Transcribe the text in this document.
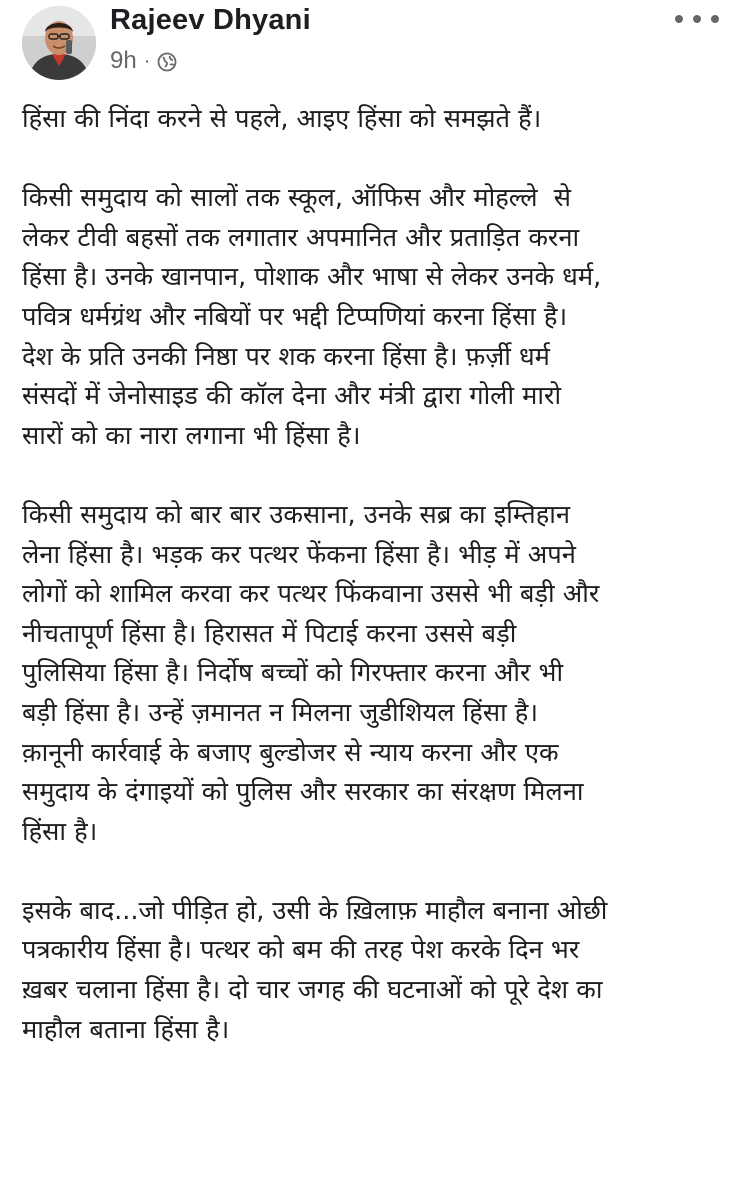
Rajeev Dhyani
9h ·

हिंसा की निंदा करने से पहले, आइए हिंसा को समझते हैं।

किसी समुदाय को सालों तक स्कूल, ऑफिस और मोहल्ले  से
लेकर टीवी बहसों तक लगातार अपमानित और प्रताड़ित करना
हिंसा है। उनके खानपान, पोशाक और भाषा से लेकर उनके धर्म,
पवित्र धर्मग्रंथ और नबियों पर भद्दी टिप्पणियां करना हिंसा है।
देश के प्रति उनकी निष्ठा पर शक करना हिंसा है। फ़र्ज़ी धर्म
संसदों में जेनोसाइड की कॉल देना और मंत्री द्वारा गोली मारो
सारों को का नारा लगाना भी हिंसा है।

किसी समुदाय को बार बार उकसाना, उनके सब्र का इम्तिहान
लेना हिंसा है। भड़क कर पत्थर फेंकना हिंसा है। भीड़ में अपने
लोगों को शामिल करवा कर पत्थर फिंकवाना उससे भी बड़ी और
नीचतापूर्ण हिंसा है। हिरासत में पिटाई करना उससे बड़ी
पुलिसिया हिंसा है। निर्दोष बच्चों को गिरफ्तार करना और भी
बड़ी हिंसा है। उन्हें ज़मानत न मिलना जुडीशियल हिंसा है।
क़ानूनी कार्रवाई के बजाए बुल्डोजर से न्याय करना और एक
समुदाय के दंगाइयों को पुलिस और सरकार का संरक्षण मिलना
हिंसा है।

इसके बाद...जो पीड़ित हो, उसी के ख़िलाफ़ माहौल बनाना ओछी
पत्रकारीय हिंसा है। पत्थर को बम की तरह पेश करके दिन भर
ख़बर चलाना हिंसा है। दो चार जगह की घटनाओं को पूरे देश का
माहौल बताना हिंसा है।
